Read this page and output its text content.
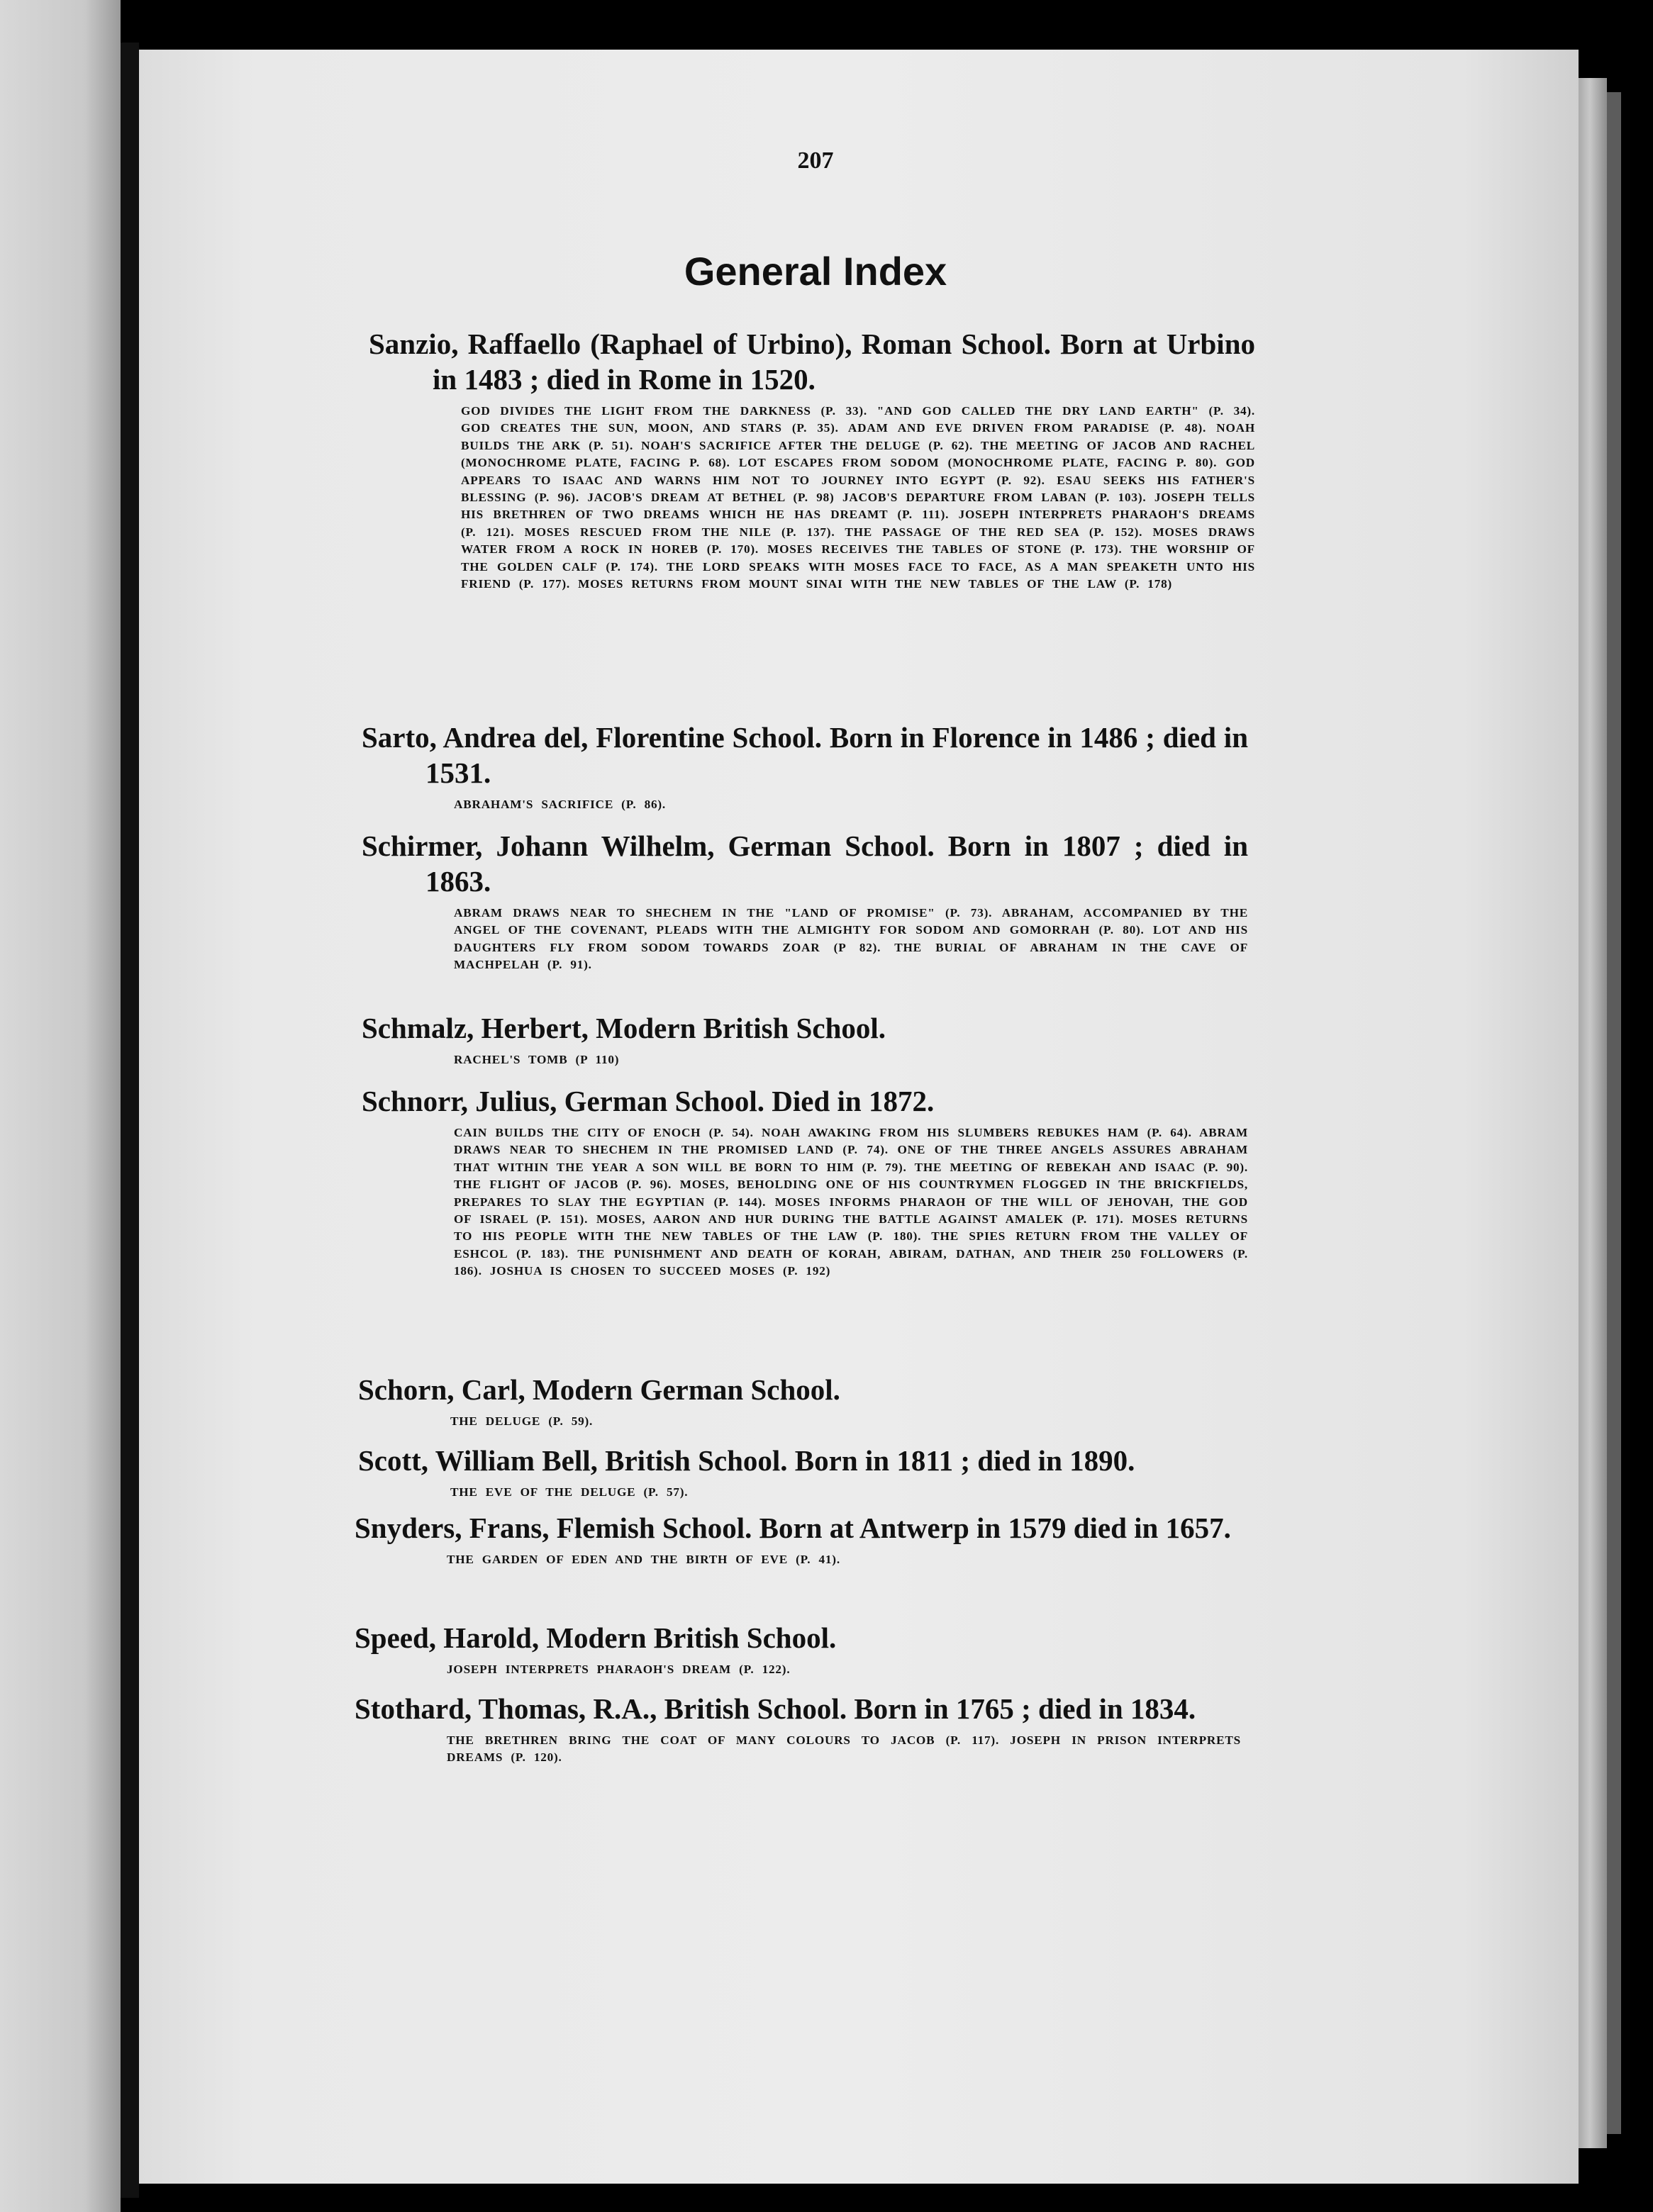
207
General Index
Sanzio, Raffaello (Raphael of Urbino), Roman School. Born at Urbino in 1483 ; died in Rome in 1520.
GOD DIVIDES THE LIGHT FROM THE DARKNESS (P. 33). "AND GOD CALLED THE DRY LAND EARTH" (P. 34). GOD CREATES THE SUN, MOON, AND STARS (P. 35). ADAM AND EVE DRIVEN FROM PARADISE (P. 48). NOAH BUILDS THE ARK (P. 51). NOAH'S SACRIFICE AFTER THE DELUGE (P. 62). THE MEETING OF JACOB AND RACHEL (MONOCHROME PLATE, FACING P. 68). LOT ESCAPES FROM SODOM (MONOCHROME PLATE, FACING P. 80). GOD APPEARS TO ISAAC AND WARNS HIM NOT TO JOURNEY INTO EGYPT (P. 92). ESAU SEEKS HIS FATHER'S BLESSING (P. 96). JACOB'S DREAM AT BETHEL (P. 98) JACOB'S DEPARTURE FROM LABAN (P. 103). JOSEPH TELLS HIS BRETHREN OF TWO DREAMS WHICH HE HAS DREAMT (P. 111). JOSEPH INTERPRETS PHARAOH'S DREAMS (P. 121). MOSES RESCUED FROM THE NILE (P. 137). THE PASSAGE OF THE RED SEA (P. 152). MOSES DRAWS WATER FROM A ROCK IN HOREB (P. 170). MOSES RECEIVES THE TABLES OF STONE (P. 173). THE WORSHIP OF THE GOLDEN CALF (P. 174). THE LORD SPEAKS WITH MOSES FACE TO FACE, AS A MAN SPEAKETH UNTO HIS FRIEND (P. 177). MOSES RETURNS FROM MOUNT SINAI WITH THE NEW TABLES OF THE LAW (P. 178)
Sarto, Andrea del, Florentine School. Born in Florence in 1486 ; died in 1531.
ABRAHAM'S SACRIFICE (P. 86).
Schirmer, Johann Wilhelm, German School. Born in 1807 ; died in 1863.
ABRAM DRAWS NEAR TO SHECHEM IN THE "LAND OF PROMISE" (P. 73). ABRAHAM, ACCOMPANIED BY THE ANGEL OF THE COVENANT, PLEADS WITH THE ALMIGHTY FOR SODOM AND GOMORRAH (P. 80). LOT AND HIS DAUGHTERS FLY FROM SODOM TOWARDS ZOAR (P 82). THE BURIAL OF ABRAHAM IN THE CAVE OF MACHPELAH (P. 91).
Schmalz, Herbert, Modern British School.
RACHEL'S TOMB (P 110)
Schnorr, Julius, German School. Died in 1872.
CAIN BUILDS THE CITY OF ENOCH (P. 54). NOAH AWAKING FROM HIS SLUMBERS REBUKES HAM (P. 64). ABRAM DRAWS NEAR TO SHECHEM IN THE PROMISED LAND (P. 74). ONE OF THE THREE ANGELS ASSURES ABRAHAM THAT WITHIN THE YEAR A SON WILL BE BORN TO HIM (P. 79). THE MEETING OF REBEKAH AND ISAAC (P. 90). THE FLIGHT OF JACOB (P. 96). MOSES, BEHOLDING ONE OF HIS COUNTRYMEN FLOGGED IN THE BRICKFIELDS, PREPARES TO SLAY THE EGYPTIAN (P. 144). MOSES INFORMS PHARAOH OF THE WILL OF JEHOVAH, THE GOD OF ISRAEL (P. 151). MOSES, AARON AND HUR DURING THE BATTLE AGAINST AMALEK (P. 171). MOSES RETURNS TO HIS PEOPLE WITH THE NEW TABLES OF THE LAW (P. 180). THE SPIES RETURN FROM THE VALLEY OF ESHCOL (P. 183). THE PUNISHMENT AND DEATH OF KORAH, ABIRAM, DATHAN, AND THEIR 250 FOLLOWERS (P. 186). JOSHUA IS CHOSEN TO SUCCEED MOSES (P. 192)
Schorn, Carl, Modern German School.
THE DELUGE (P. 59).
Scott, William Bell, British School. Born in 1811 ; died in 1890.
THE EVE OF THE DELUGE (P. 57).
Snyders, Frans, Flemish School. Born at Antwerp in 1579 died in 1657.
THE GARDEN OF EDEN AND THE BIRTH OF EVE (P. 41).
Speed, Harold, Modern British School.
JOSEPH INTERPRETS PHARAOH'S DREAM (P. 122).
Stothard, Thomas, R.A., British School. Born in 1765 ; died in 1834.
THE BRETHREN BRING THE COAT OF MANY COLOURS TO JACOB (P. 117). JOSEPH IN PRISON INTERPRETS DREAMS (P. 120).
